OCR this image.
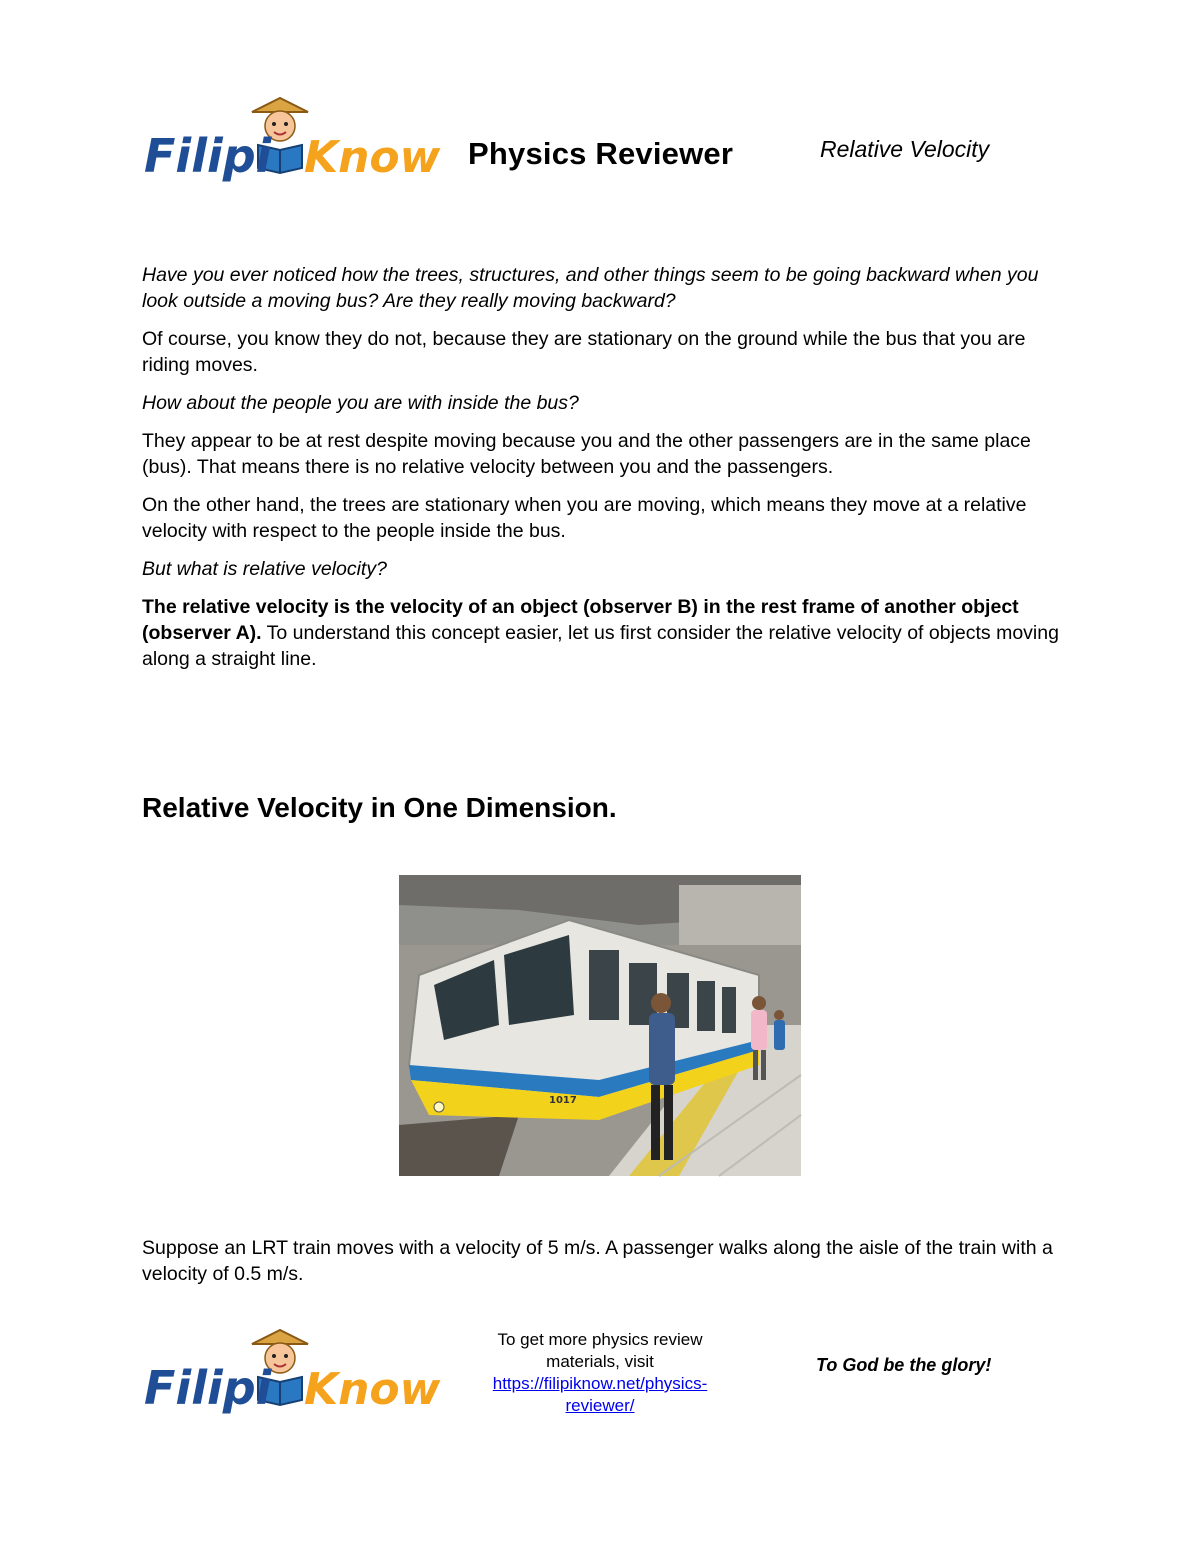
Filipi Know Physics Reviewer	Relative Velocity

Have you ever noticed how the trees, structures, and other things seem to be going backward when you look outside a moving bus? Are they really moving backward?

Of course, you know they do not, because they are stationary on the ground while the bus that you are riding moves.

How about the people you are with inside the bus?

They appear to be at rest despite moving because you and the other passengers are in the same place (bus). That means there is no relative velocity between you and the passengers.

On the other hand, the trees are stationary when you are moving, which means they move at a relative velocity with respect to the people inside the bus.

But what is relative velocity?

The relative velocity is the velocity of an object (observer B) in the rest frame of another object (observer A). To understand this concept easier, let us first consider the relative velocity of objects moving along a straight line.

Relative Velocity in One Dimension.
1017

Suppose an LRT train moves with a velocity of 5 m/s. A passenger walks along the aisle of the train with a velocity of 0.5 m/s.

Filipi Know
To get more physics review materials, visit
https://filipiknow.net/physics-reviewer/
To God be the glory!
